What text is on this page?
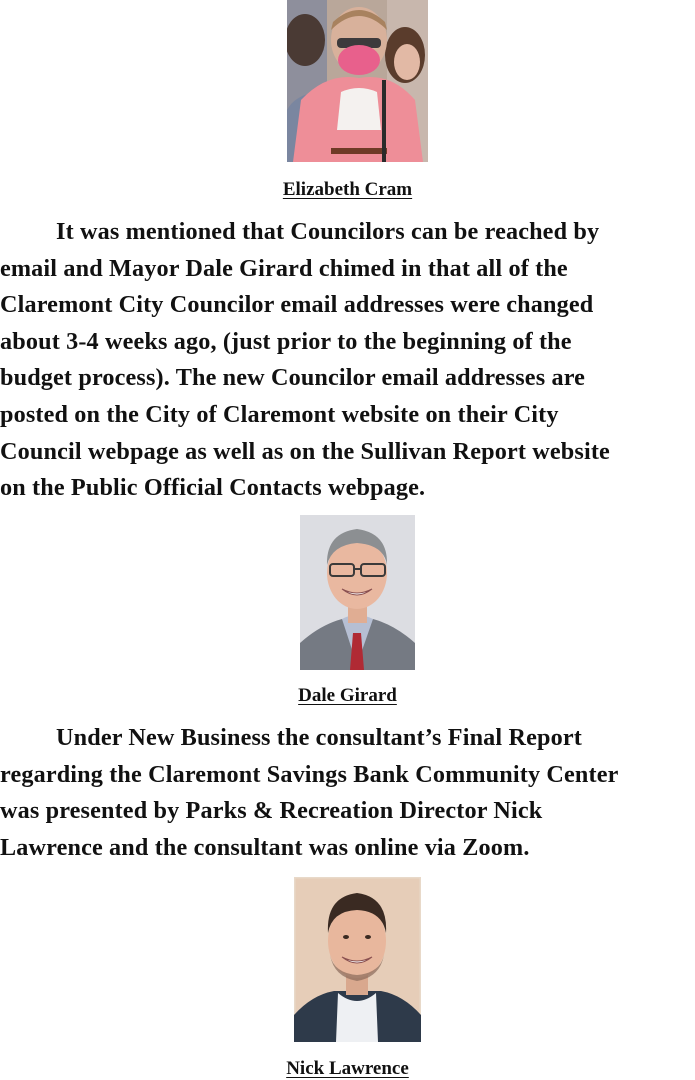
Elizabeth Cram

It was mentioned that Councilors can be reached by
email and Mayor Dale Girard chimed in that all of the
Claremont City Councilor email addresses were changed
about 3-4 weeks ago, (just prior to the beginning of the
budget process). The new Councilor email addresses are
posted on the City of Claremont website on their City
Council webpage as well as on the Sullivan Report website
on the Public Official Contacts webpage.

Dale Girard

Under New Business the consultant’s Final Report
regarding the Claremont Savings Bank Community Center
was presented by Parks & Recreation Director Nick
Lawrence and the consultant was online via Zoom.

Nick Lawrence
